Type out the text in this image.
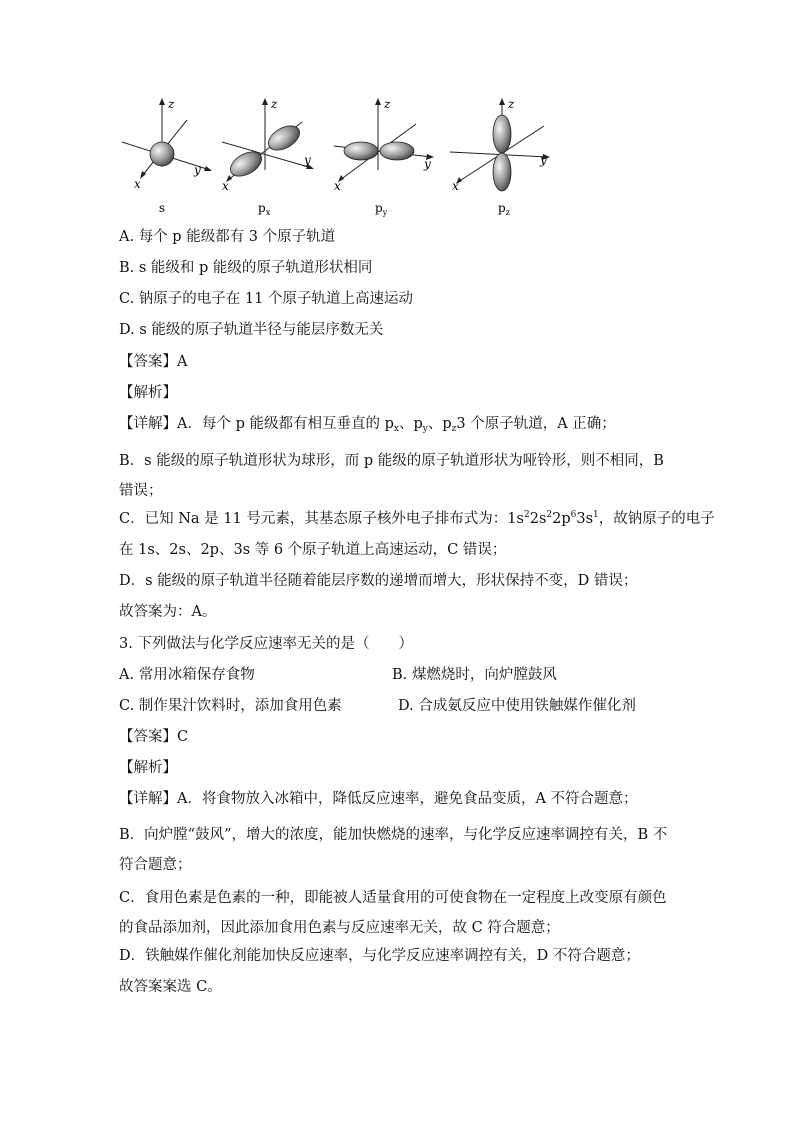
z
y
x
z
y
x
z
y
x
z
y
x
s	$p_x$	$p_y$	$p_z$
A. 每个 p 能级都有 3 个原子轨道
B. s 能级和 p 能级的原子轨道形状相同
C. 钠原子的电子在 11 个原子轨道上高速运动
D. s 能级的原子轨道半径与能层序数无关
【答案】A
【解析】
【详解】A．每个 p 能级都有相互垂直的 $p_x$、$p_y$、$p_z3$ 个原子轨道，A 正确；
B．s 能级的原子轨道形状为球形，而 p 能级的原子轨道形状为哑铃形，则不相同，B 错误；
C．已知 Na 是 11 号元素，其基态原子核外电子排布式为：$1s^22s^22p^63s^1$，故钠原子的电子
在 1s、2s、2p、3s 等 6 个原子轨道上高速运动，C 错误；
D．s 能级的原子轨道半径随着能层序数的递增而增大，形状保持不变，D 错误；
故答案为：A。
3. 下列做法与化学反应速率无关的是（　　）
A. 常用冰箱保存食物	B. 煤燃烧时，向炉膛鼓风
C. 制作果汁饮料时，添加食用色素	D. 合成氨反应中使用铁触媒作催化剂
【答案】C
【解析】
【详解】A．将食物放入冰箱中，降低反应速率，避免食品变质，A 不符合题意；
B．向炉膛“鼓风”，增大的浓度，能加快燃烧的速率，与化学反应速率调控有关，B 不符合题意；
C．食用色素是色素的一种，即能被人适量食用的可使食物在一定程度上改变原有颜色的食品添加剂，因此添加食用色素与反应速率无关，故 C 符合题意；
D．铁触媒作催化剂能加快反应速率，与化学反应速率调控有关，D 不符合题意；
故答案案选 C。
